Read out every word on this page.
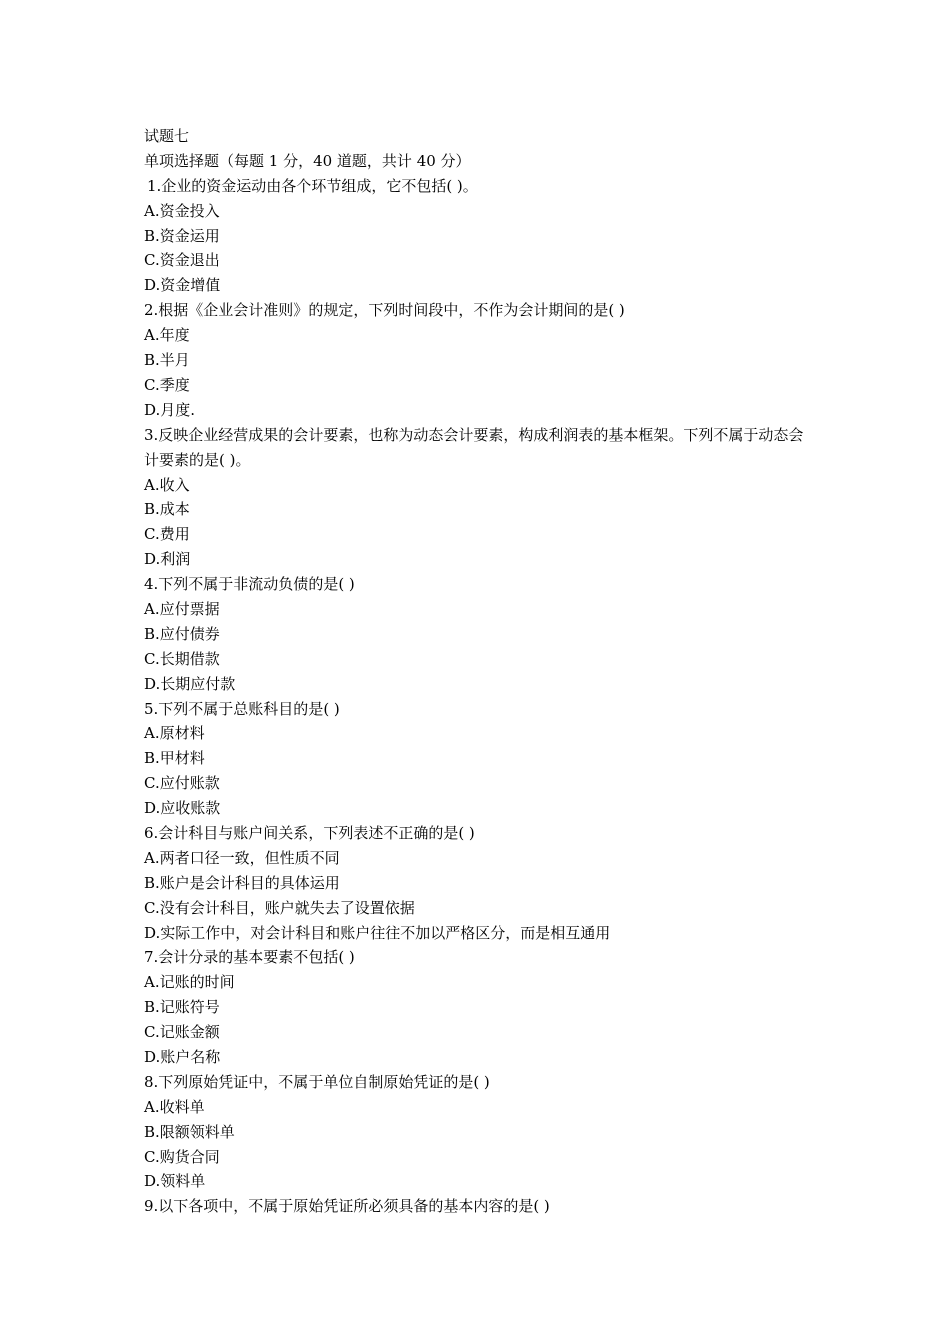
试题七
单项选择题（每题 1 分，40 道题，共计 40 分）
1.企业的资金运动由各个环节组成，它不包括( )。
A.资金投入
B.资金运用
C.资金退出
D.资金增值
2.根据《企业会计准则》的规定，下列时间段中，不作为会计期间的是( )
A.年度
B.半月
C.季度
D.月度.
3.反映企业经营成果的会计要素，也称为动态会计要素，构成利润表的基本框架。下列不属于动态会计要素的是( )。
A.收入
B.成本
C.费用
D.利润
4.下列不属于非流动负债的是( )
A.应付票据
B.应付债券
C.长期借款
D.长期应付款
5.下列不属于总账科目的是( )
A.原材料
B.甲材料
C.应付账款
D.应收账款
6.会计科目与账户间关系，下列表述不正确的是( )
A.两者口径一致，但性质不同
B.账户是会计科目的具体运用
C.没有会计科目，账户就失去了设置依据
D.实际工作中，对会计科目和账户往往不加以严格区分，而是相互通用
7.会计分录的基本要素不包括( )
A.记账的时间
B.记账符号
C.记账金额
D.账户名称
8.下列原始凭证中，不属于单位自制原始凭证的是( )
A.收料单
B.限额领料单
C.购货合同
D.领料单
9.以下各项中，不属于原始凭证所必须具备的基本内容的是( )
